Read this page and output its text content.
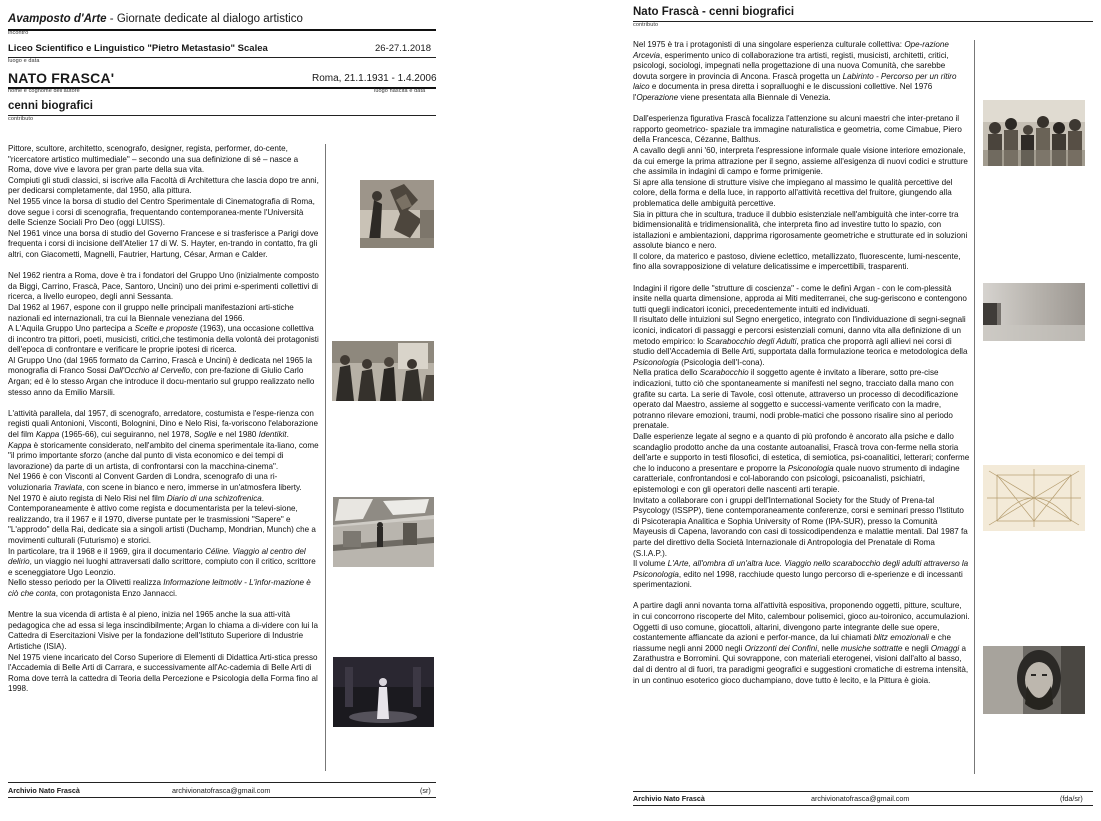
Avamposto d'Arte - Giornate dedicate al dialogo artistico
incontro
Liceo Scientifico e Linguistico "Pietro Metastasio" Scalea	26-27.1.2018
luogo e data
NATO FRASCA'	Roma, 21.1.1931 - 1.4.2006
nome e cognome dell'autore	luogo nascita e data
cenni biografici
contributo

Pittore, scultore, architetto, scenografo, designer, regista, performer, do-cente, "ricercatore artistico multimediale" – secondo una sua definizione di sé – nasce a Roma, dove vive e lavora per gran parte della sua vita.
Compiuti gli studi classici, si iscrive alla Facoltà di Architettura che lascia dopo tre anni, per dedicarsi completamente, dal 1950, alla pittura.
Nel 1955 vince la borsa di studio del Centro Sperimentale di Cinematografia di Roma, dove segue i corsi di scenografia, frequentando contemporanea-mente l'Università delle Scienze Sociali Pro Deo (oggi LUISS).
Nel 1961 vince una borsa di studio del Governo Francese e si trasferisce a Parigi dove frequenta i corsi di incisione dell'Atelier 17 di W. S. Hayter, en-trando in contatto, fra gli altri, con Giacometti, Magnelli, Fautrier, Hartung, César, Arman e Calder.

Nel 1962 rientra a Roma, dove è tra i fondatori del Gruppo Uno (inizialmente composto da Biggi, Carrino, Frascà, Pace, Santoro, Uncini) uno dei primi e-sperimenti collettivi di ricerca, a livello europeo, degli anni Sessanta.
Dal 1962 al 1967, espone con il gruppo nelle principali manifestazioni arti-stiche nazionali ed internazionali, tra cui la Biennale veneziana del 1966.
A L'Aquila Gruppo Uno partecipa a Scelte e proposte (1963), una occasione collettiva di incontro tra pittori, poeti, musicisti, critici,che testimonia della volontà dei protagonisti dell'epoca di confrontare e verificare le proprie ipotesi di ricerca.
Al Gruppo Uno (dal 1965 formato da Carrino, Frascà e Uncini) è dedicata nel 1965 la monografia di Franco Sossi Dall'Occhio al Cervello, con pre-fazione di Giulio Carlo Argan; ed è lo stesso Argan che introduce il docu-mentario sul gruppo realizzato nello stesso anno da Emilio Marsili.

L'attività parallela, dal 1957, di scenografo, arredatore, costumista e l'espe-rienza con registi quali Antonioni, Visconti, Bolognini, Dino e Nelo Risi, fa-voriscono l'elaborazione del film Kappa (1965-66), cui seguiranno, nel 1978, Soglie e nel 1980 Identikit.
Kappa è storicamente considerato, nell'ambito del cinema sperimentale ita-liano, come "il primo importante sforzo (anche dal punto di vista economico e dei tempi di lavorazione) da parte di un artista, di confrontarsi con la macchina-cinema".
Nel 1966 è con Visconti al Convent Garden di Londra, scenografo di una ri-voluzionaria Traviata, con scene in bianco e nero, immerse in un'atmosfera liberty.
Nel 1970 è aiuto regista di Nelo Risi nel film Diario di una schizofrenica.
Contemporaneamente è attivo come regista e documentarista per la televi-sione, realizzando, tra il 1967 e il 1970, diverse puntate per le trasmissioni "Sapere" e "L'approdo" della Rai, dedicate sia a singoli artisti (Duchamp, Mondrian, Munch) che a movimenti culturali (Futurismo) e storici.
In particolare, tra il 1968 e il 1969, gira il documentario Céline. Viaggio al centro del delirio, un viaggio nei luoghi attraversati dallo scrittore, compiuto con il critico, scrittore e sceneggiatore Ugo Leonzio.
Nello stesso periodo per la Olivetti realizza Informazione leitmotiv - L'infor-mazione è ciò che conta, con protagonista Enzo Jannacci.

Mentre la sua vicenda di artista è al pieno, inizia nel 1965 anche la sua atti-vità pedagogica che ad essa si lega inscindibilmente; Argan lo chiama a di-videre con lui la Cattedra di Esercitazioni Visive per la fondazione dell'Istituto Superiore di Industrie Artistiche (ISIA).
Nel 1975 viene incaricato del Corso Superiore di Elementi di Didattica Arti-stica presso l'Accademia di Belle Arti di Carrara, e successivamente all'Ac-cademia di Belle Arti di Roma dove terrà la cattedra di Teoria della Percezione e Psicologia della Forma fino al 1998.

Archivio Nato Frascà	archivionatofrasca@gmail.com	(sr)
Nato Frascà - cenni biografici
contributo

Nel 1975 è tra i protagonisti di una singolare esperienza culturale collettiva: Ope-razione Arcevia, esperimento unico di collaborazione tra artisti, registi, musicisti, architetti, critici, psicologi, sociologi, impegnati nella progettazione di una nuova Comunità, che sarebbe dovuta sorgere in provincia di Ancona. Frascà progetta un Labirinto - Percorso per un ritiro laico e documenta in presa diretta i sopralluoghi e le discussioni collettive. Nel 1976 l'Operazione viene presentata alla Biennale di Venezia.

Dall'esperienza figurativa Frascà focalizza l'attenzione su alcuni maestri che inter-pretano il rapporto geometrico- spaziale tra immagine naturalistica e geometria, come Cimabue, Piero della Francesca, Cézanne, Balthus.
A cavallo degli anni '60, interpreta l'espressione informale quale visione interiore emozionale, da cui emerge la prima attrazione per il segno, assieme all'esigenza di nuovi codici e strutture che assimila in indagini di campo e forme primigenie.
Si apre alla tensione di strutture visive che impiegano al massimo le qualità percettive del colore, della forma e della luce, in rapporto all'attività recettiva del fruitore, giungendo alla problematica delle ambiguità percettive.
Sia in pittura che in scultura, traduce il dubbio esistenziale nell'ambiguità che inter-corre tra bidimensionalità e tridimensionalità, che interpreta fino ad investire tutto lo spazio, con istallazioni e ambientazioni, dapprima rigorosamente geometriche e strutturate ed in soluzioni assolute bianco e nero.
Il colore, da materico e pastoso, diviene eclettico, metallizzato, fluorescente, lumi-nescente, fino alla sovrapposizione di velature delicatissime e impercettibili, trasparenti.

Indagini il rigore delle "strutture di coscienza" - come le definì Argan - con le com-plessità insite nella quarta dimensione, approda ai Miti mediterranei, che sug-geriscono e contengono tutti quegli indicatori iconici, precedentemente intuiti ed individuati.
Il risultato delle intuizioni sul Segno energetico, integrato con l'individuazione di segni-segnali iconici, indicatori di passaggi e percorsi esistenziali comuni, danno vita alla definizione di un metodo empirico: lo Scarabocchio degli Adulti, pratica che proporrà agli allievi nei corsi di studio dell'Accademia di Belle Arti, supportata dalla formulazione teorica e metodologica della Psiconologia (Psicologia dell'I-cona).
Nella pratica dello Scarabocchio il soggetto agente è invitato a liberare, sotto pre-cise indicazioni, tutto ciò che spontaneamente si manifesti nel segno, tracciato dalla mano con grafite su carta. La serie di Tavole, così ottenute, attraverso un processo di decodificazione operato dal Maestro, assieme al soggetto e successi-vamente verificato con la madre, potranno rilevare emozioni, traumi, nodi proble-matici che possono risalire sino al periodo prenatale.
Dalle esperienze legate al segno e a quanto di più profondo è ancorato alla psiche e dallo scandaglio prodotto anche da una costante autoanalisi, Frascà trova con-ferme nella storia dell'arte e supporto in testi filosofici, di estetica, di semiotica, psi-coanalitici, letterari; conferme che lo inducono a presentare e proporre la Psiconologia quale nuovo strumento di indagine caratteriale, confrontandosi e col-laborando con psicologi, psicoanalisti, psichiatri, epistemologi e con gli operatori delle nascenti arti terapie.
Invitato a collaborare con i gruppi dell'International Society for the Study of Prena-tal Psycology (ISSPP), tiene contemporaneamente conferenze, corsi e seminari presso l'Istituto di Psicoterapia Analitica e Sophia University of Rome (IPA-SUR), presso la Comunità Mayeusis di Capena, lavorando con casi di tossicodipendenza e malattie mentali. Dal 1987 fa parte del direttivo della Società Internazionale di Antropologia del Prenatale di Roma (S.I.A.P.).
Il volume L'Arte, all'ombra di un'altra luce. Viaggio nello scarabocchio degli adulti attraverso la Psiconologia, edito nel 1998, racchiude questo lungo percorso di e-sperienze e di incessanti sperimentazioni.

A partire dagli anni novanta torna all'attività espositiva, proponendo oggetti, pitture, sculture, in cui concorrono riscoperte del Mito, calembour polisemici, gioco au-toironico, accumulazioni. Oggetti di uso comune, giocattoli, altarini, divengono parte integrante delle sue opere, costantemente affiancate da azioni e perfor-mance, da lui chiamati blitz emozionali e che riassume negli anni 2000 negli Orizzonti dei Confini, nelle musiche sottratte e negli Omaggi a Zarathustra e Borromini. Qui sovrappone, con materiali eterogenei, visioni dall'alto al basso, dal di dentro al di fuori, tra paradigmi geografici e suggestioni cromatiche di estrema intensità, in un continuo esoterico gioco duchampiano, dove tutto è lecito, e la Pittura è gioia.

Archivio Nato Frascà	archivionatofrasca@gmail.com	(fda/sr)
